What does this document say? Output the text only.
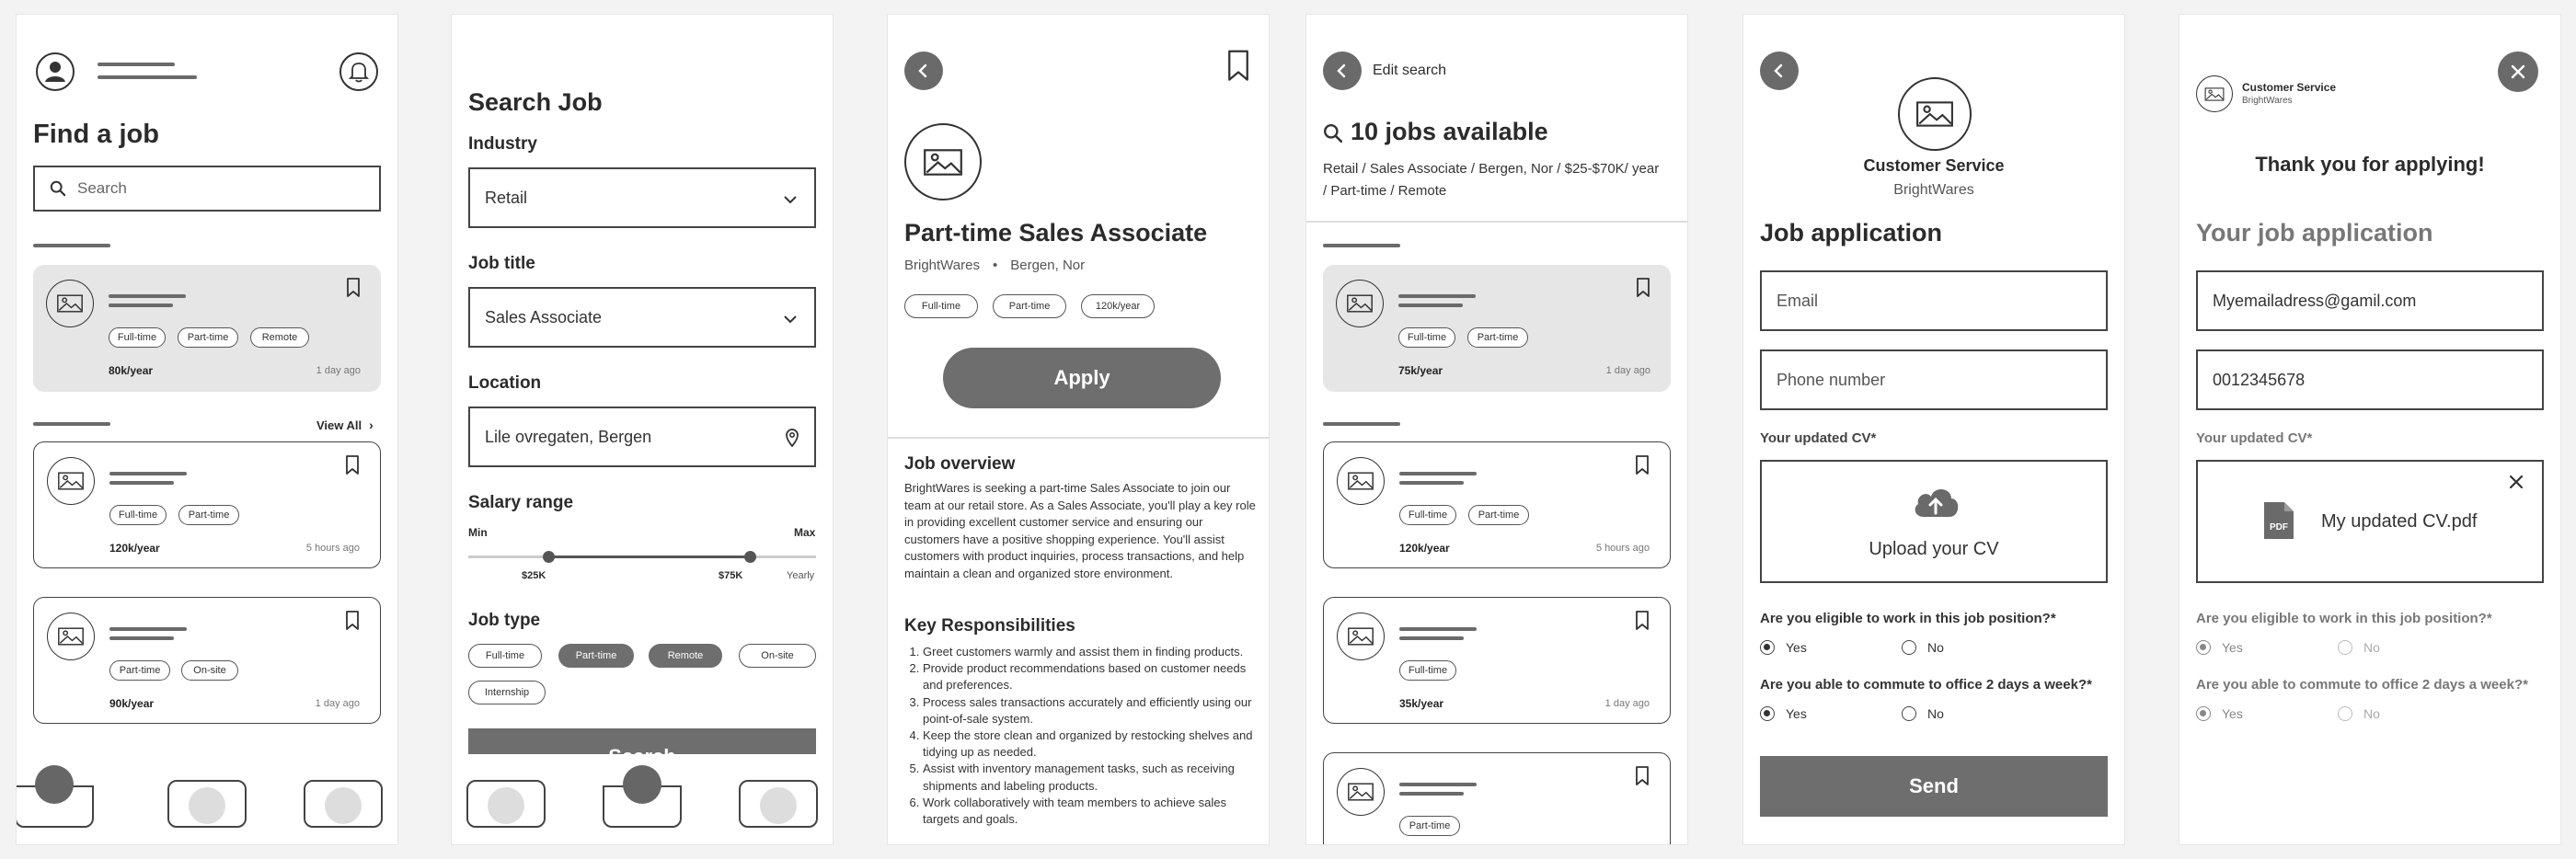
Find a job
Search
Full-time	Part-time	Remote
80k/year	1 day ago
View All ›
Full-time	Part-time
120k/year	5 hours ago
Part-time	On-site
90k/year	1 day ago
Search Job
Industry
Retail
Job title
Sales Associate
Location
Lile ovregaten, Bergen
Salary range
Min	Max
$25K	$75K	Yearly
Job type
Full-time	Part-time	Remote	On-site
Internship
Part-time Sales Associate
BrightWares • Bergen, Nor
Full-time	Part-time	120k/year
Apply
Job overview
BrightWares is seeking a part-time Sales Associate to join our team at our retail store. As a Sales Associate, you'll play a key role in providing excellent customer service and ensuring our customers have a positive shopping experience. You'll assist customers with product inquiries, process transactions, and help maintain a clean and organized store environment.
Key Responsibilities
1. Greet customers warmly and assist them in finding products.
2. Provide product recommendations based on customer needs and preferences.
3. Process sales transactions accurately and efficiently using our point-of-sale system.
4. Keep the store clean and organized by restocking shelves and tidying up as needed.
5. Assist with inventory management tasks, such as receiving shipments and labeling products.
6. Work collaboratively with team members to achieve sales targets and goals.
Edit search
10 jobs available
Retail / Sales Associate / Bergen, Nor / $25-$70K/ year / Part-time / Remote
Full-time	Part-time
75k/year	1 day ago
Full-time	Part-time
120k/year	5 hours ago
Full-time
35k/year	1 day ago
Part-time
Customer Service
BrightWares
Job application
Email
Phone number
Your updated CV*
Upload your CV
Are you eligible to work in this job position?*
Yes	No
Are you able to commute to office 2 days a week?*
Yes	No
Send
Customer Service
BrightWares
Thank you for applying!
Your job application
Myemailadress@gamil.com
0012345678
Your updated CV*
PDF	My updated CV.pdf
Are you eligible to work in this job position?*
Yes	No
Are you able to commute to office 2 days a week?*
Yes	No
